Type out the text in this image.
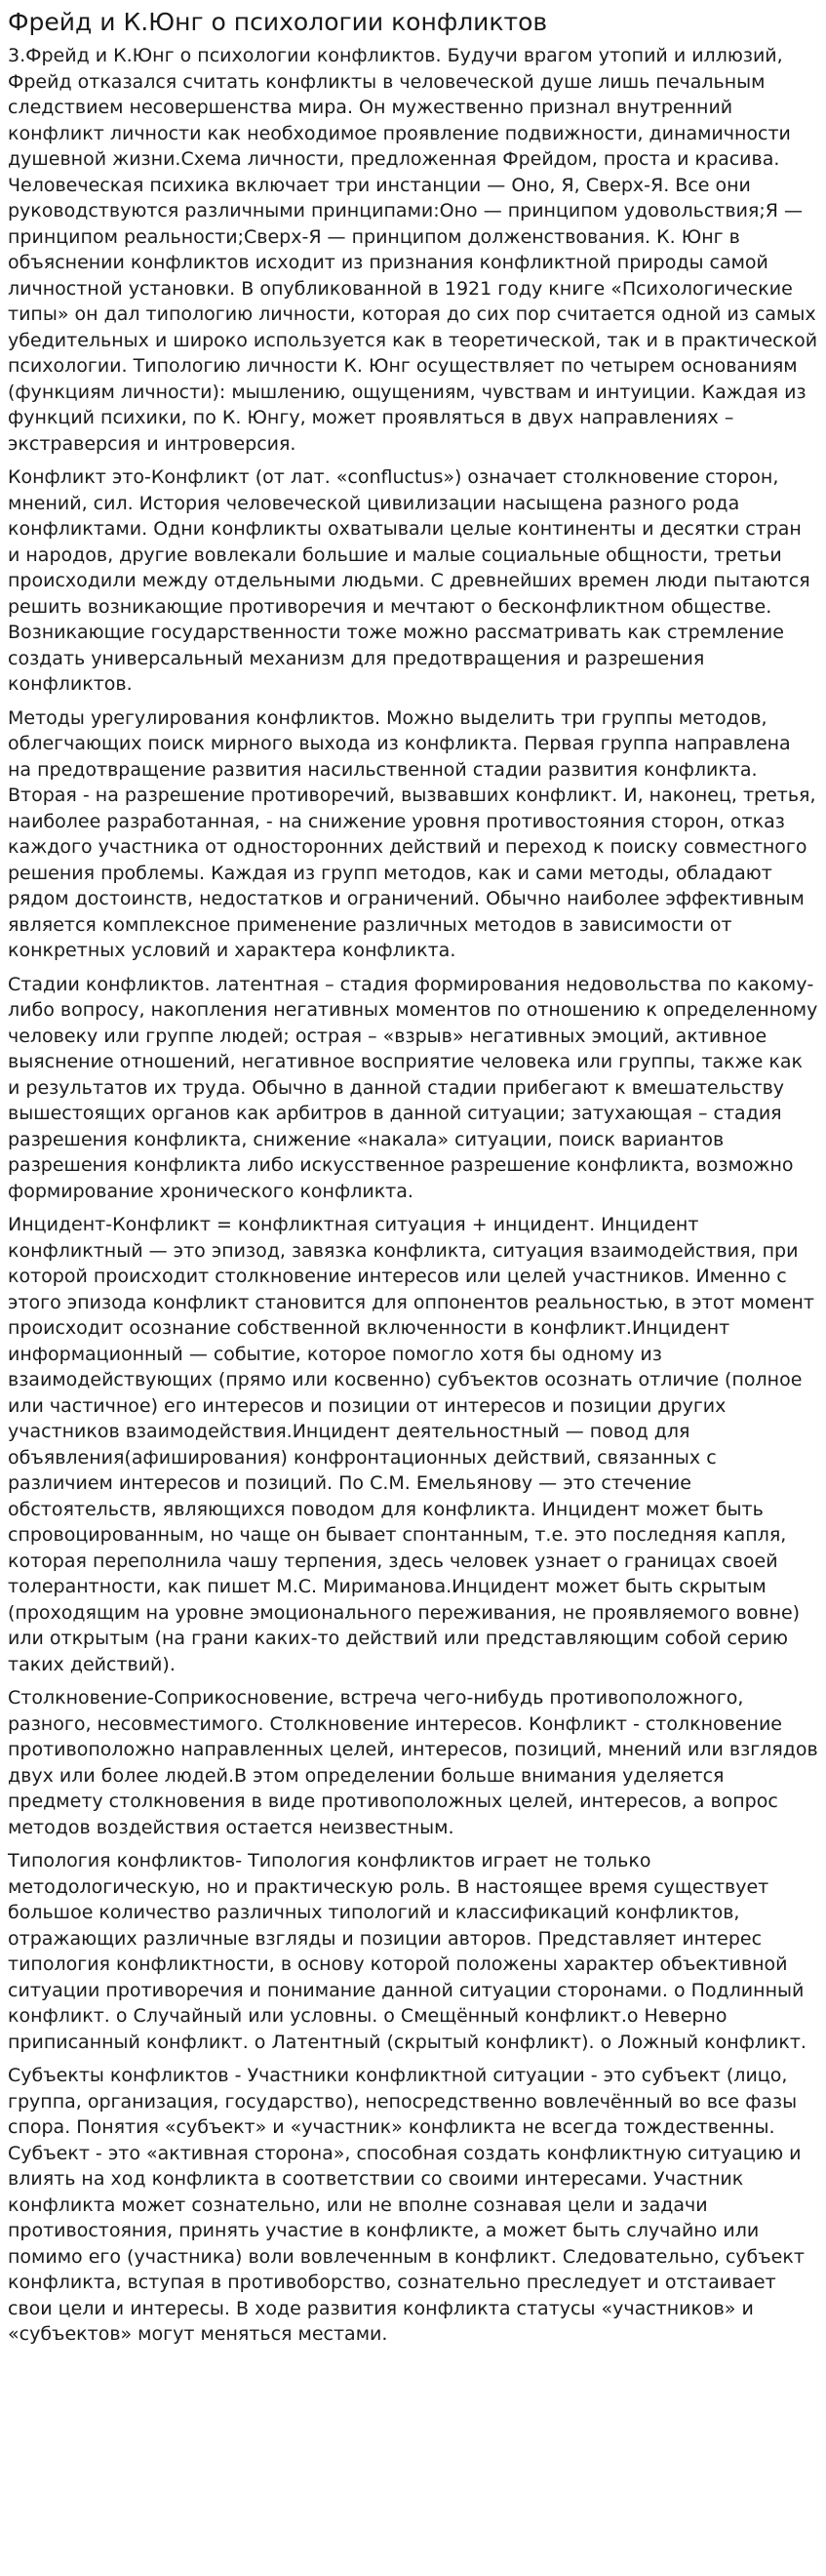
Фрейд и К.Юнг о психологии конфликтов

3.Фрейд и К.Юнг о психологии конфликтов. Будучи врагом утопий и иллюзий, Фрейд отказался считать конфликты в человеческой душе лишь печальным следствием несовершенства мира. Он мужественно признал внутренний конфликт личности как необходимое проявление подвижности, динамичности душевной жизни.Схема личности, предложенная Фрейдом, проста и красива. Человеческая психика включает три инстанции — Оно, Я, Сверх-Я. Все они руководствуются различными принципами:Оно — принципом удовольствия;Я — принципом реальности;Сверх-Я — принципом долженствования. К. Юнг в объяснении конфликтов исходит из признания конфликтной природы самой личностной установки. В опубликованной в 1921 году книге «Психологические типы» он дал типологию личности, которая до сих пор считается одной из самых убедительных и широко используется как в теоретической, так и в практической психологии. Типологию личности К. Юнг осуществляет по четырем основаниям (функциям личности): мышлению, ощущениям, чувствам и интуиции. Каждая из функций психики, по К. Юнгу, может проявляться в двух направлениях – экстраверсия и интроверсия.

Конфликт это-Конфликт (от лат. «confluctus») означает столкновение сторон, мнений, сил. История человеческой цивилизации насыщена разного рода конфликтами. Одни конфликты охватывали целые континенты и десятки стран и народов, другие вовлекали большие и малые социальные общности, третьи происходили между отдельными людьми. С древнейших времен люди пытаются решить возникающие противоречия и мечтают о бесконфликтном обществе. Возникающие государственности тоже можно рассматривать как стремление создать универсальный механизм для предотвращения и разрешения конфликтов.

Методы урегулирования конфликтов. Можно выделить три группы методов, облегчающих поиск мирного выхода из конфликта. Первая группа направлена на предотвращение развития насильственной стадии развития конфликта. Вторая - на разрешение противоречий, вызвавших конфликт. И, наконец, третья, наиболее разработанная, - на снижение уровня противостояния сторон, отказ каждого участника от односторонних действий и переход к поиску совместного решения проблемы. Каждая из групп методов, как и сами методы, обладают рядом достоинств, недостатков и ограничений. Обычно наиболее эффективным является комплексное применение различных методов в зависимости от конкретных условий и характера конфликта.

Стадии конфликтов. латентная – стадия формирования недовольства по какому-либо вопросу, накопления негативных моментов по отношению к определенному человеку или группе людей; острая – «взрыв» негативных эмоций, активное выяснение отношений, негативное восприятие человека или группы, также как и результатов их труда. Обычно в данной стадии прибегают к вмешательству вышестоящих органов как арбитров в данной ситуации; затухающая – стадия разрешения конфликта, снижение «накала» ситуации, поиск вариантов разрешения конфликта либо искусственное разрешение конфликта, возможно формирование хронического конфликта.

Инцидент-Конфликт = конфликтная ситуация + инцидент. Инцидент конфликтный — это эпизод, завязка конфликта, ситуация взаимодействия, при которой происходит столкновение интересов или целей участников. Именно с этого эпизода конфликт становится для оппонентов реальностью, в этот момент происходит осознание собственной включенности в конфликт.Инцидент информационный — событие, которое помогло хотя бы одному из взаимодействующих (прямо или косвенно) субъектов осознать отличие (полное или частичное) его интересов и позиции от интересов и позиции других участников взаимодействия.Инцидент деятельностный — повод для объявления(афиширования) конфронтационных действий, связанных с различием интересов и позиций. По С.М. Емельянову — это стечение обстоятельств, являющихся поводом для конфликта. Инцидент может быть спровоцированным, но чаще он бывает спонтанным, т.е. это последняя капля, которая переполнила чашу терпения, здесь человек узнает о границах своей толерантности, как пишет М.С. Мириманова.Инцидент может быть скрытым (проходящим на уровне эмоционального переживания, не проявляемого вовне) или открытым (на грани каких-то действий или представляющим собой серию таких действий).

Столкновение-Соприкосновение, встреча чего-нибудь противоположного, разного, несовместимого. Столкновение интересов. Конфликт - столкновение противоположно направленных целей, интересов, позиций, мнений или взглядов двух или более людей.В этом определении больше внимания уделяется предмету столкновения в виде противоположных целей, интересов, а вопрос методов воздействия остается неизвестным.

Типология конфликтов- Типология конфликтов играет не только методологическую, но и практическую роль. В настоящее время существует большое количество различных типологий и классификаций конфликтов, отражающих различные взгляды и позиции авторов. Представляет интерес типология конфликтности, в основу которой положены характер объективной ситуации противоречия и понимание данной ситуации сторонами. о Подлинный конфликт. о Случайный или условны. о Смещённый конфликт.о Неверно приписанный конфликт. о Латентный (скрытый конфликт). о Ложный конфликт.

Субъекты конфликтов - Участники конфликтной ситуации - это субъект (лицо, группа, организация, государство), непосредственно вовлечённый во все фазы спора. Понятия «субъект» и «участник» конфликта не всегда тождественны. Субъект - это «активная сторона», способная создать конфликтную ситуацию и влиять на ход конфликта в соответствии со своими интересами. Участник конфликта может сознательно, или не вполне сознавая цели и задачи противостояния, принять участие в конфликте, а может быть случайно или помимо его (участника) воли вовлеченным в конфликт. Следовательно, субъект конфликта, вступая в противоборство, сознательно преследует и отстаивает свои цели и интересы. В ходе развития конфликта статусы «участников» и «субъектов» могут меняться местами.
